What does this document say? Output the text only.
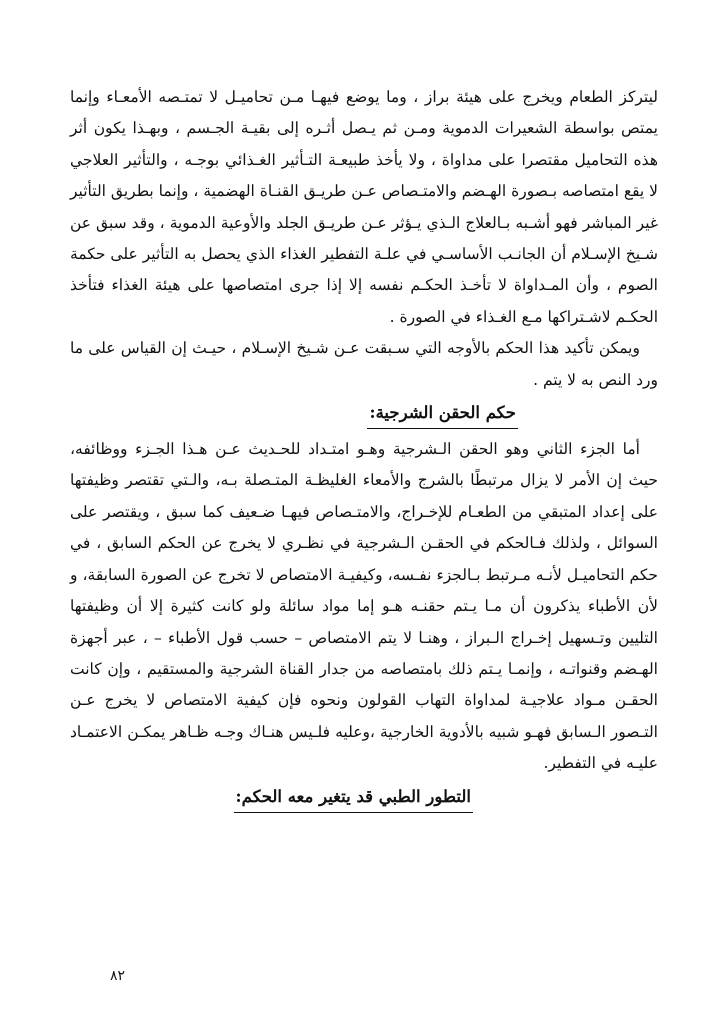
ليتركز الطعام ويخرج على هيئة براز ، وما يوضع فيهـا مـن تحاميـل لا تمتـصه الأمعـاء وإنما يمتص بواسطة الشعيرات الدموية ومـن ثم يـصل أثـره إلى بقيـة الجـسم ، وبهـذا يكون أثر هذه التحاميل مقتصرا على مداواة ، ولا يأخذ طبيعـة التـأثير الغـذائي بوجـه ، والتأثير العلاجي لا يقع امتصاصه بـصورة الهـضم والامتـصاص عـن طريـق القنـاة الهضمية ، وإنما بطريق التأثير غير المباشر فهو أشـبه بـالعلاج الـذي يـؤثر عـن طريـق الجلد والأوعية الدموية ، وقد سبق عن شـيخ الإسـلام أن الجانـب الأساسـي في علـة التفطير الغذاء الذي يحصل به التأثير على حكمة الصوم ، وأن المـداواة لا تأخـذ الحكـم نفسه إلا إذا جرى امتصاصها على هيئة الغذاء فتأخذ الحكـم لاشـتراكها مـع الغـذاء في الصورة .

ويمكن تأكيد هذا الحكم بالأوجه التي سـبقت عـن شـيخ الإسـلام ، حيـث إن القياس على ما ورد النص به لا يتم .

حكم الحقن الشرجية:

أما الجزء الثاني وهو الحقن الـشرجية وهـو امتـداد للحـديث عـن هـذا الجـزء ووظائفه، حيث إن الأمر لا يزال مرتبطًا بالشرج والأمعاء الغليظـة المتـصلة بـه، والـتي تقتصر وظيفتها على إعداد المتبقي من الطعـام للإخـراج، والامتـصاص فيهـا ضـعيف كما سبق ، ويقتصر على السوائل ، ولذلك فـالحكم في الحقـن الـشرجية في نظـري لا يخرج عن الحكم السابق ، في حكم التحاميـل لأنـه مـرتبط بـالجزء نفـسه، وكيفيـة الامتصاص لا تخرج عن الصورة السابقة، و لأن الأطباء يذكرون أن مـا يـتم حقنـه هـو إما مواد سائلة ولو كانت كثيرة إلا أن وظيفتها التليين وتـسهيل إخـراج الـبراز ، وهنـا لا يتم الامتصاص – حسب قول الأطباء – ، عبر أجهزة الهـضم وقنواتـه ، وإنمـا يـتم ذلك بامتصاصه من جدار القناة الشرجية والمستقيم ، وإن كانت الحقـن مـواد علاجيـة لمداواة التهاب القولون ونحوه فإن كيفية الامتصاص لا يخرج عـن التـصور الـسابق فهـو شبيه بالأدوية الخارجية ،وعليه فلـيس هنـاك وجـه ظـاهر يمكـن الاعتمـاد عليـه في التفطير.

التطور الطبي قد يتغير معه الحكم:
٨٢
